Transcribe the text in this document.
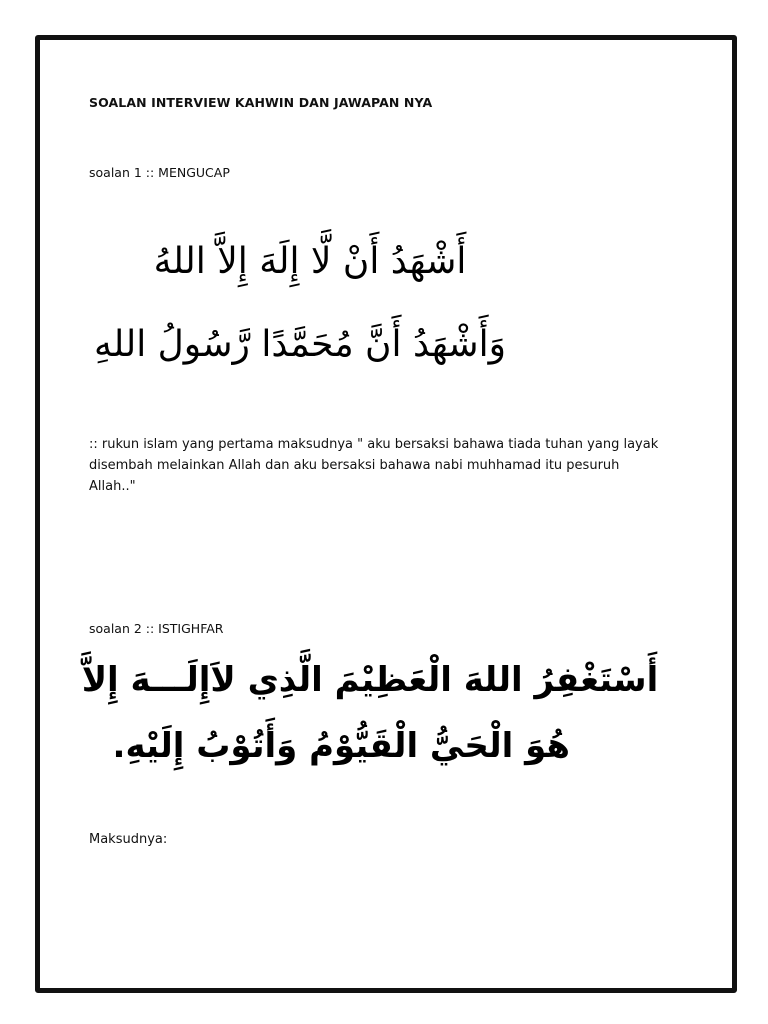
SOALAN INTERVIEW KAHWIN DAN JAWAPAN NYA
soalan 1 :: MENGUCAP
أَشْهَدُ أَنْ لَّا إِلَهَ إِلاَّ اللهُ
وَأَشْهَدُ أَنَّ مُحَمَّدًا رَّسُولُ اللهِ
:: rukun islam yang pertama maksudnya " aku bersaksi bahawa tiada tuhan yang layak disembah melainkan Allah dan aku bersaksi bahawa nabi muhhamad itu pesuruh Allah.."
soalan 2 :: ISTIGHFAR
أَسْتَغْفِرُ اللهَ الْعَظِيْمَ الَّذِي لاَإِلَـــهَ إِلاَّ
هُوَ الْحَيُّ الْقَيُّوْمُ وَأَتُوْبُ إِلَيْهِ.
Maksudnya:
